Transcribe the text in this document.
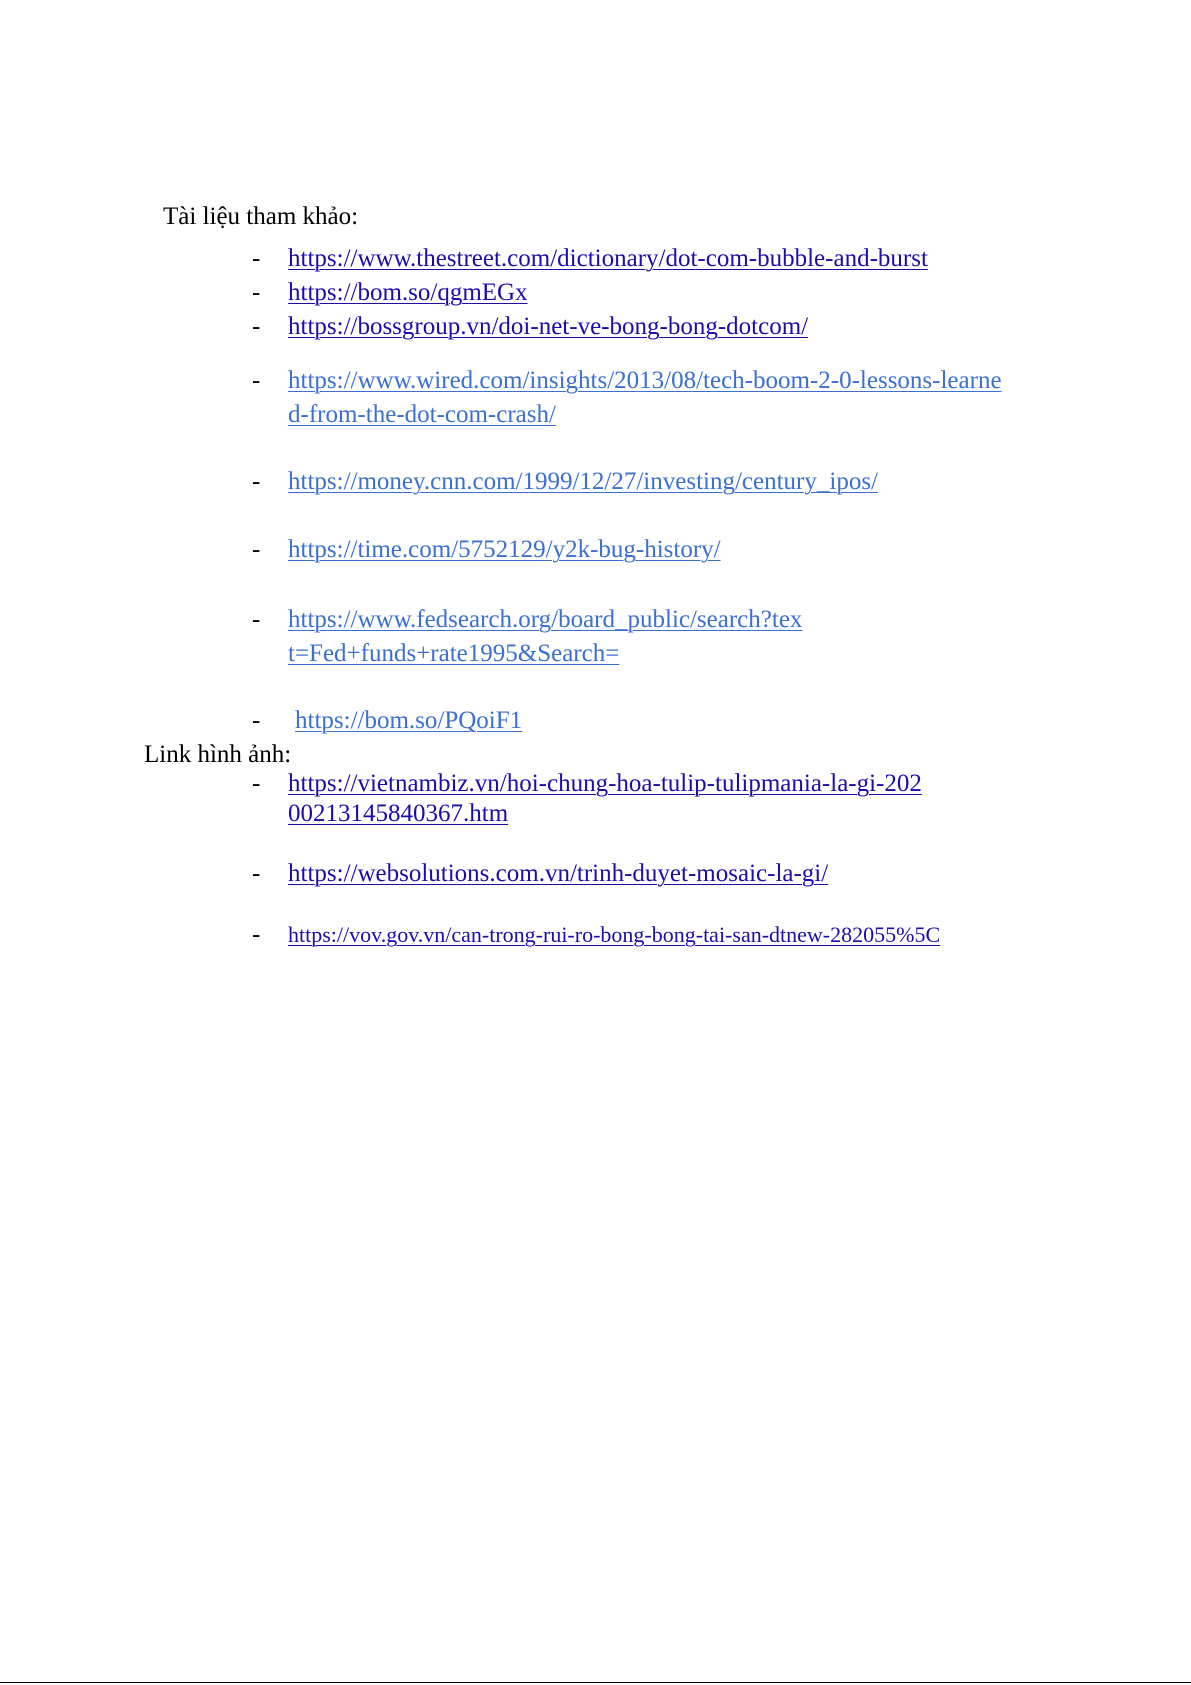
Tài liệu tham khảo:
- https://www.thestreet.com/dictionary/dot-com-bubble-and-burst
- https://bom.so/qgmEGx
- https://bossgroup.vn/doi-net-ve-bong-bong-dotcom/
- https://www.wired.com/insights/2013/08/tech-boom-2-0-lessons-learned-from-the-dot-com-crash/
- https://money.cnn.com/1999/12/27/investing/century_ipos/
- https://time.com/5752129/y2k-bug-history/
- https://www.fedsearch.org/board_public/search?text=Fed+funds+rate1995&Search=
- https://bom.so/PQoiF1
Link hình ảnh:
- https://vietnambiz.vn/hoi-chung-hoa-tulip-tulipmania-la-gi-20200213145840367.htm
- https://websolutions.com.vn/trinh-duyet-mosaic-la-gi/
- https://vov.gov.vn/can-trong-rui-ro-bong-bong-tai-san-dtnew-282055%5C
